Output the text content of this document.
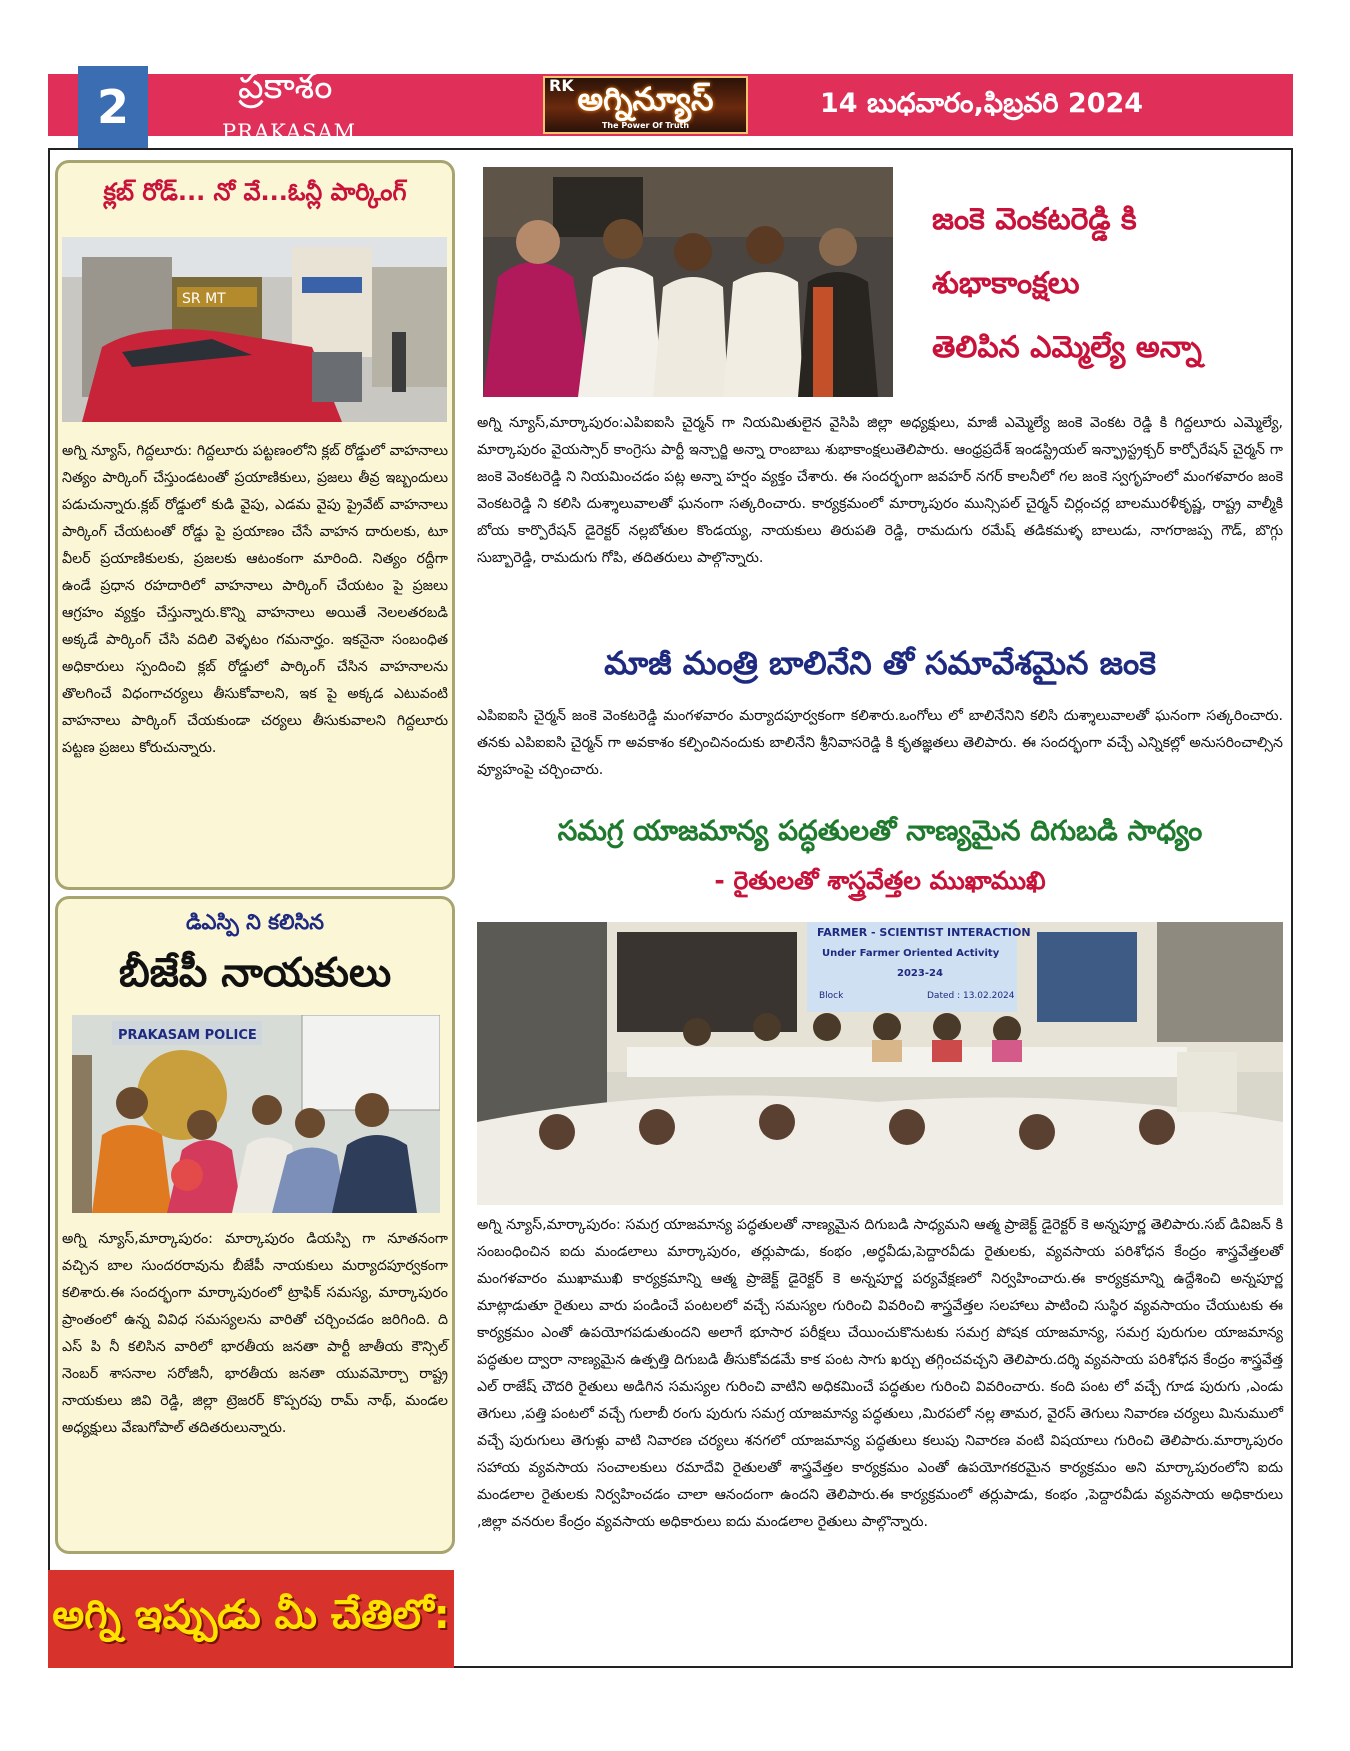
2	ప్రకాశం
PRAKASAM
RK అగ్నిన్యూస్
The Power Of Truth
14 బుధవారం,ఫిబ్రవరి 2024
క్లబ్ రోడ్... నో వే...ఓన్లీ పార్కింగ్
SR MT
అగ్ని న్యూస్, గిద్దలూరు: గిద్దలూరు పట్టణంలోని క్లబ్ రోడ్డులో వాహనాలు నిత్యం పార్కింగ్ చేస్తుండటంతో ప్రయాణికులు, ప్రజలు తీవ్ర ఇబ్బందులు పడుచున్నారు.క్లబ్ రోడ్డులో కుడి వైపు, ఎడమ వైపు ప్రైవేట్ వాహనాలు పార్కింగ్ చేయటంతో రోడ్డు పై ప్రయాణం చేసే వాహన దారులకు, టూ వీలర్ ప్రయాణికులకు, ప్రజలకు ఆటంకంగా మారింది. నిత్యం రద్దీగా ఉండే ప్రధాన రహదారిలో వాహనాలు పార్కింగ్ చేయటం పై ప్రజలు ఆగ్రహం వ్యక్తం చేస్తున్నారు.కొన్ని వాహనాలు అయితే నెలలతరబడి అక్కడే పార్కింగ్ చేసి వదిలి వెళ్ళటం గమనార్హం. ఇకనైనా సంబంధిత అధికారులు స్పందించి క్లబ్ రోడ్డులో పార్కింగ్ చేసిన వాహనాలను తొలగించే విధంగాచర్యలు తీసుకోవాలని, ఇక పై అక్కడ ఎటువంటి వాహనాలు పార్కింగ్ చేయకుండా చర్యలు తీసుకువాలని గిద్దలూరు పట్టణ ప్రజలు కోరుచున్నారు.
డిఎస్పి ని కలిసిన
బీజేపీ నాయకులు
PRAKASAM POLICE
అగ్ని న్యూస్,మార్కాపురం: మార్కాపురం డియస్పి గా నూతనంగా వచ్చిన బాల సుందరరావును బీజేపీ నాయకులు మర్యాదపూర్వకంగా కలిశారు.ఈ సందర్భంగా మార్కాపురంలో ట్రాఫిక్ సమస్య, మార్కాపురం ప్రాంతంలో ఉన్న వివిధ సమస్యలను వారితో చర్చించడం జరిగింది. ది ఎస్ పి నీ కలిసిన వారిలో భారతీయ జనతా పార్టీ జాతీయ కౌన్సిల్ నెంబర్ శాసనాల సరోజినీ, భారతీయ జనతా యువమోర్చా రాష్ట్ర నాయకులు జివి రెడ్డి, జిల్లా ట్రెజరర్ కొప్పరపు రామ్ నాథ్, మండల అధ్యక్షులు వేణుగోపాల్ తదితరులున్నారు.
అగ్ని ఇప్పుడు మీ చేతిలో:
జంకె వెంకటరెడ్డి కి
శుభాకాంక్షలు
తెలిపిన ఎమ్మెల్యే అన్నా
అగ్ని న్యూస్,మార్కాపురం:ఎపిఐఐసి చైర్మన్ గా నియమితులైన వైసిపి జిల్లా అధ్యక్షులు, మాజీ ఎమ్మెల్యే జంకె వెంకట రెడ్డి కి గిద్దలూరు ఎమ్మెల్యే, మార్కాపురం వైయస్సార్ కాంగ్రెసు పార్టీ ఇన్చార్జి అన్నా రాంబాబు శుభాకాంక్షలుతెలిపారు. ఆంధ్రప్రదేశ్ ఇండస్ట్రియల్ ఇన్ఫ్రాస్ట్రక్చర్ కార్పోరేషన్ చైర్మన్ గా జంకె వెంకటరెడ్డి ని నియమించడం పట్ల అన్నా హర్షం వ్యక్తం చేశారు. ఈ సందర్భంగా జవహర్ నగర్ కాలనీలో గల జంకె స్వగృహంలో మంగళవారం జంకె వెంకటరెడ్డి ని కలిసి దుశ్శాలువాలతో ఘనంగా సత్కరించారు. కార్యక్రమంలో మార్కాపురం మున్సిపల్ చైర్మన్ చిర్లంచర్ల బాలమురళీకృష్ణ, రాష్ట్ర వాల్మీకి బోయ కార్పొరేషన్ డైరెక్టర్ నల్లబోతుల కొండయ్య, నాయకులు తిరుపతి రెడ్డి, రామదుగు రమేష్ తడికమళ్ళ బాలుడు, నాగరాజప్ప గౌడ్, బొగ్గు సుబ్బారెడ్డి, రామదుగు గోపి, తదితరులు పాల్గొన్నారు.
మాజీ మంత్రి బాలినేని తో సమావేశమైన జంకె
ఎపిఐఐసి చైర్మన్ జంకె వెంకటరెడ్డి మంగళవారం మర్యాదపూర్వకంగా కలిశారు.ఒంగోలు లో బాలినేనిని కలిసి దుశ్శాలువాలతో ఘనంగా సత్కరించారు. తనకు ఎపిఐఐసి చైర్మన్ గా అవకాశం కల్పించినందుకు బాలినేని శ్రీనివాసరెడ్డి కి కృతజ్ఞతలు తెలిపారు. ఈ సందర్భంగా వచ్చే ఎన్నికల్లో అనుసరించాల్సిన వ్యూహంపై చర్చించారు.
సమగ్ర యాజమాన్య పద్ధతులతో నాణ్యమైన దిగుబడి సాధ్యం
- రైతులతో శాస్త్రవేత్తల ముఖాముఖి
FARMER - SCIENTIST INTERACTION
Under Farmer Oriented Activity
2023-24
Block	Dated : 13.02.2024
అగ్ని న్యూస్,మార్కాపురం: సమగ్ర యాజమాన్య పద్ధతులతో నాణ్యమైన దిగుబడి సాధ్యమని ఆత్మ ప్రాజెక్ట్ డైరెక్టర్ కె అన్నపూర్ణ తెలిపారు.సబ్ డివిజన్ కి సంబంధించిన ఐదు మండలాలు మార్కాపురం, తర్లుపాడు, కంభం ,అర్ధవీడు,పెద్దారవీడు రైతులకు, వ్యవసాయ పరిశోధన కేంద్రం శాస్త్రవేత్తలతో మంగళవారం ముఖాముఖి కార్యక్రమాన్ని ఆత్మ ప్రాజెక్ట్ డైరెక్టర్ కె అన్నపూర్ణ పర్యవేక్షణలో నిర్వహించారు.ఈ కార్యక్రమాన్ని ఉద్దేశించి అన్నపూర్ణ మాట్లాడుతూ రైతులు వారు పండించే పంటలలో వచ్చే సమస్యల గురించి వివరించి శాస్త్రవేత్తల సలహాలు పాటించి సుస్థిర వ్యవసాయం చేయుటకు ఈ కార్యక్రమం ఎంతో ఉపయోగపడుతుందని అలాగే భూసార పరీక్షలు చేయించుకొనుటకు సమగ్ర పోషక యాజమాన్య, సమగ్ర పురుగుల యాజమాన్య పద్ధతుల ద్వారా నాణ్యమైన ఉత్పత్తి దిగుబడి తీసుకోవడమే కాక పంట సాగు ఖర్చు తగ్గించవచ్చని తెలిపారు.దర్శి వ్యవసాయ పరిశోధన కేంద్రం శాస్త్రవేత్త ఎల్ రాజేష్ చౌదరి రైతులు అడిగిన సమస్యల గురించి వాటిని అధికమించే పద్ధతుల గురించి వివరించారు. కంది పంట లో వచ్చే గూడ పురుగు ,ఎండు తెగులు ,పత్తి పంటలో వచ్చే గులాబీ రంగు పురుగు సమగ్ర యాజమాన్య పద్ధతులు ,మిరపలో నల్ల తామర, వైరస్ తెగులు నివారణ చర్యలు మినుములో వచ్చే పురుగులు తెగుళ్లు వాటి నివారణ చర్యలు శనగలో యాజమాన్య పద్ధతులు కలుపు నివారణ వంటి విషయాలు గురించి తెలిపారు.మార్కాపురం సహాయ వ్యవసాయ సంచాలకులు రమాదేవి రైతులతో శాస్త్రవేత్తల కార్యక్రమం ఎంతో ఉపయోగకరమైన కార్యక్రమం అని మార్కాపురంలోని ఐదు మండలాల రైతులకు నిర్వహించడం చాలా ఆనందంగా ఉందని తెలిపారు.ఈ కార్యక్రమంలో తర్లుపాడు, కంభం ,పెద్దారవీడు వ్యవసాయ అధికారులు ,జిల్లా వనరుల కేంద్రం వ్యవసాయ అధికారులు ఐదు మండలాల రైతులు పాల్గొన్నారు.
